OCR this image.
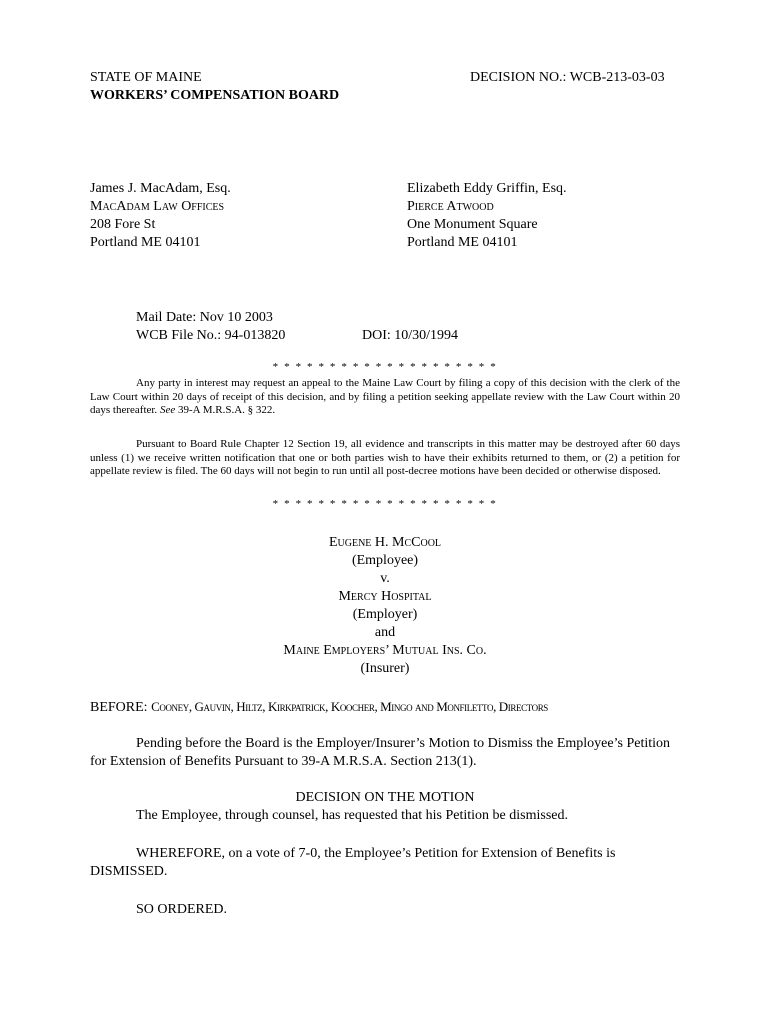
STATE OF MAINE
WORKERS’ COMPENSATION BOARD
DECISION NO.: WCB-213-03-03
James J. MacAdam, Esq.
MacAdam Law Offices
208 Fore St
Portland ME 04101
Elizabeth Eddy Griffin, Esq.
Pierce Atwood
One Monument Square
Portland ME 04101
Mail Date: Nov 10 2003
WCB File No.: 94-013820	DOI: 10/30/1994
* * * * * * * * * * * * * * * * * * * *
Any party in interest may request an appeal to the Maine Law Court by filing a copy of this decision with the clerk of the Law Court within 20 days of receipt of this decision, and by filing a petition seeking appellate review with the Law Court within 20 days thereafter. See 39-A M.R.S.A. § 322.
Pursuant to Board Rule Chapter 12 Section 19, all evidence and transcripts in this matter may be destroyed after 60 days unless (1) we receive written notification that one or both parties wish to have their exhibits returned to them, or (2) a petition for appellate review is filed. The 60 days will not begin to run until all post-decree motions have been decided or otherwise disposed.
* * * * * * * * * * * * * * * * * * * *
Eugene H. McCool
(Employee)
v.
Mercy Hospital
(Employer)
and
Maine Employers’ Mutual Ins. Co.
(Insurer)
BEFORE: Cooney, Gauvin, Hiltz, Kirkpatrick, Koocher, Mingo and Monfiletto, Directors
Pending before the Board is the Employer/Insurer’s Motion to Dismiss the Employee’s Petition for Extension of Benefits Pursuant to 39-A M.R.S.A. Section 213(1).
DECISION ON THE MOTION
The Employee, through counsel, has requested that his Petition be dismissed.
WHEREFORE, on a vote of 7-0, the Employee’s Petition for Extension of Benefits is DISMISSED.
SO ORDERED.
